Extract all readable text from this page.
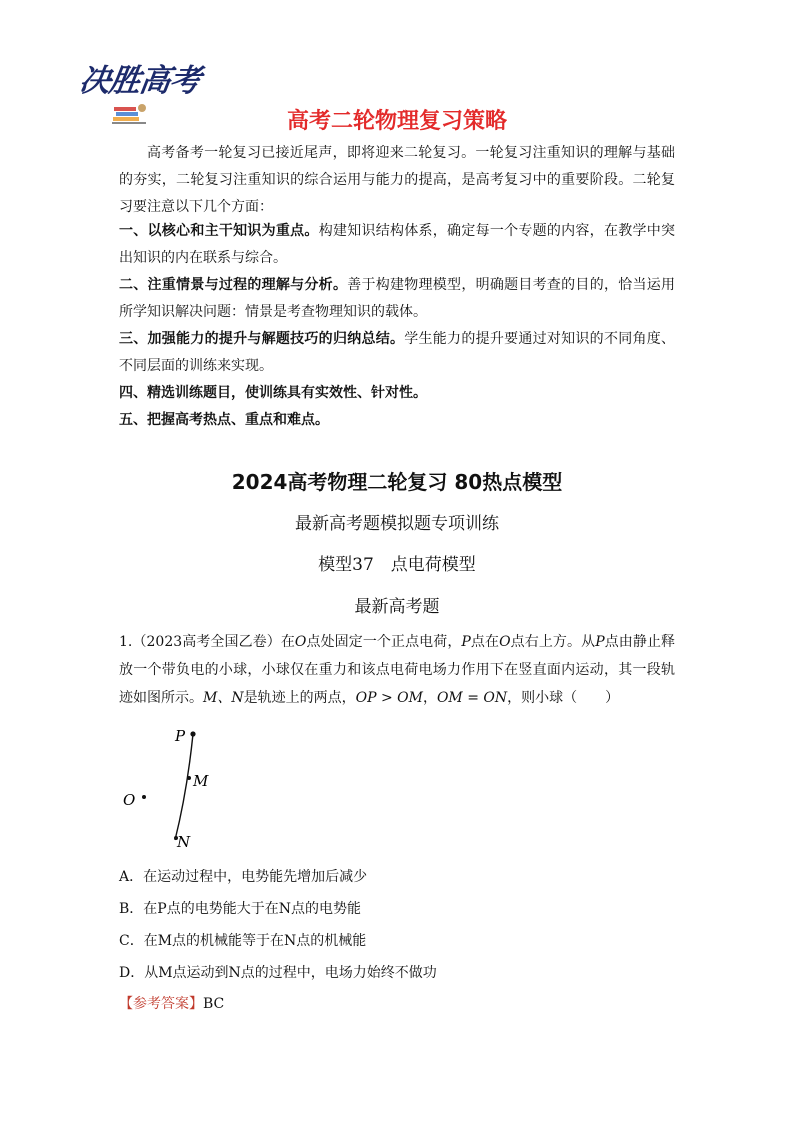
决胜高考
高考二轮物理复习策略

高考备考一轮复习已接近尾声，即将迎来二轮复习。一轮复习注重知识的理解与基础的夯实，二轮复习注重知识的综合运用与能力的提高，是高考复习中的重要阶段。二轮复习要注意以下几个方面：

一、以核心和主干知识为重点。构建知识结构体系，确定每一个专题的内容，在教学中突出知识的内在联系与综合。

二、注重情景与过程的理解与分析。善于构建物理模型，明确题目考查的目的，恰当运用所学知识解决问题：情景是考查物理知识的载体。

三、加强能力的提升与解题技巧的归纳总结。学生能力的提升要通过对知识的不同角度、不同层面的训练来实现。

四、精选训练题目，使训练具有实效性、针对性。

五、把握高考热点、重点和难点。

2024高考物理二轮复习 80热点模型
最新高考题模拟题专项训练
模型37　点电荷模型
最新高考题

1.（2023高考全国乙卷）在O点处固定一个正点电荷，P点在O点右上方。从P点由静止释放一个带负电的小球，小球仅在重力和该点电荷电场力作用下在竖直面内运动，其一段轨迹如图所示。M、N是轨迹上的两点，OP > OM，OM = ON，则小球（　　）

P
M
O
N
A．在运动过程中，电势能先增加后减少
B．在P点的电势能大于在N点的电势能
C．在M点的机械能等于在N点的机械能
D．从M点运动到N点的过程中，电场力始终不做功
【参考答案】BC
